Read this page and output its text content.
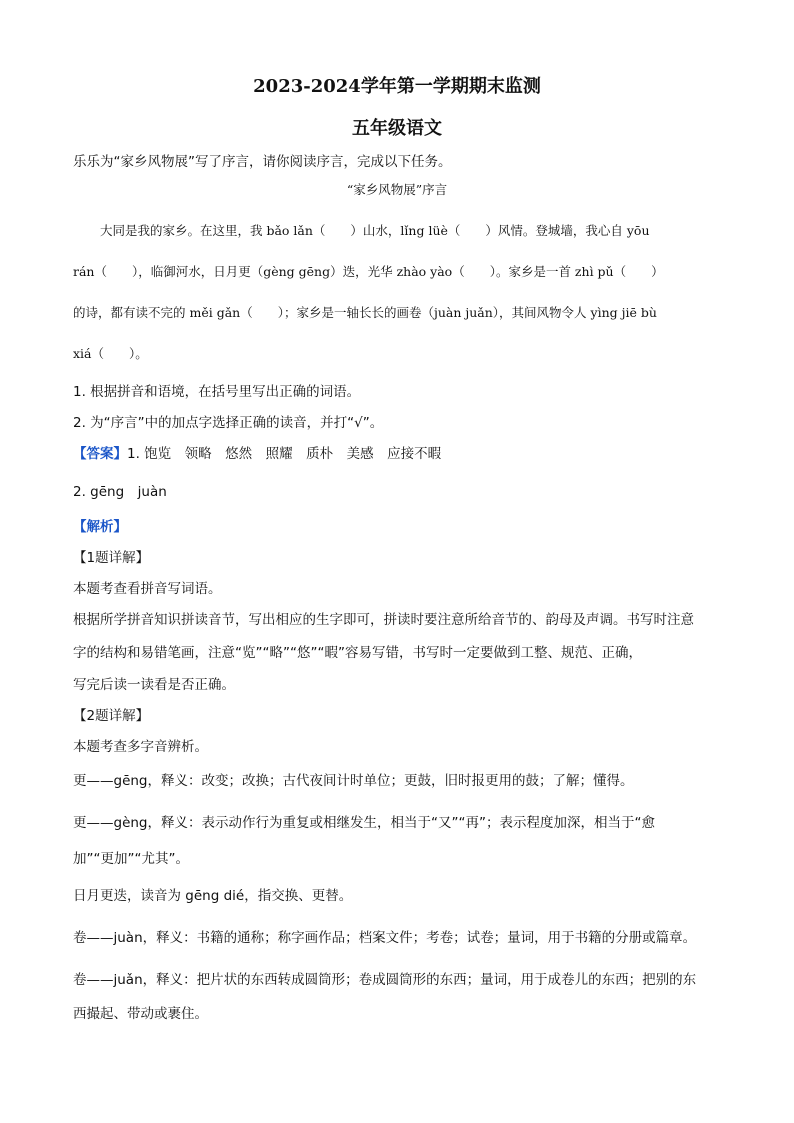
2023-2024学年第一学期期末监测
五年级语文
乐乐为“家乡风物展”写了序言，请你阅读序言，完成以下任务。
“家乡风物展”序言
大同是我的家乡。在这里，我 bǎo lǎn（　　）山水，lǐng lüè（　　）风情。登城墙，我心自 yōu
rán（　　），临御河水，日月更（gèng gēng）迭，光华 zhào yào（　　）。家乡是一首 zhì pǔ（　　）
的诗，都有读不完的 měi gǎn（　　）；家乡是一轴长长的画卷（juàn juǎn），其间风物令人 yìng jiē bù
xiá（　　）。
1. 根据拼音和语境，在括号里写出正确的词语。
2. 为“序言”中的加点字选择正确的读音，并打“√”。
【答案】1. 饱览　领略　悠然　照耀　质朴　美感　应接不暇
2. gēng　juàn
【解析】
【1题详解】
本题考查看拼音写词语。
根据所学拼音知识拼读音节，写出相应的生字即可，拼读时要注意所给音节的、韵母及声调。书写时注意
字的结构和易错笔画，注意“览”“略”“悠”“暇”容易写错，书写时一定要做到工整、规范、正确，
写完后读一读看是否正确。
【2题详解】
本题考查多字音辨析。
更——gēng，释义：改变；改换；古代夜间计时单位；更鼓，旧时报更用的鼓；了解；懂得。
更——gèng，释义：表示动作行为重复或相继发生，相当于“又”“再”；表示程度加深，相当于“愈
加”“更加”“尤其”。
日月更迭，读音为 gēng dié，指交换、更替。
卷——juàn，释义：书籍的通称；称字画作品；档案文件；考卷；试卷；量词，用于书籍的分册或篇章。
卷——juǎn，释义：把片状的东西转成圆筒形；卷成圆筒形的东西；量词，用于成卷儿的东西；把别的东
西撮起、带动或裹住。
